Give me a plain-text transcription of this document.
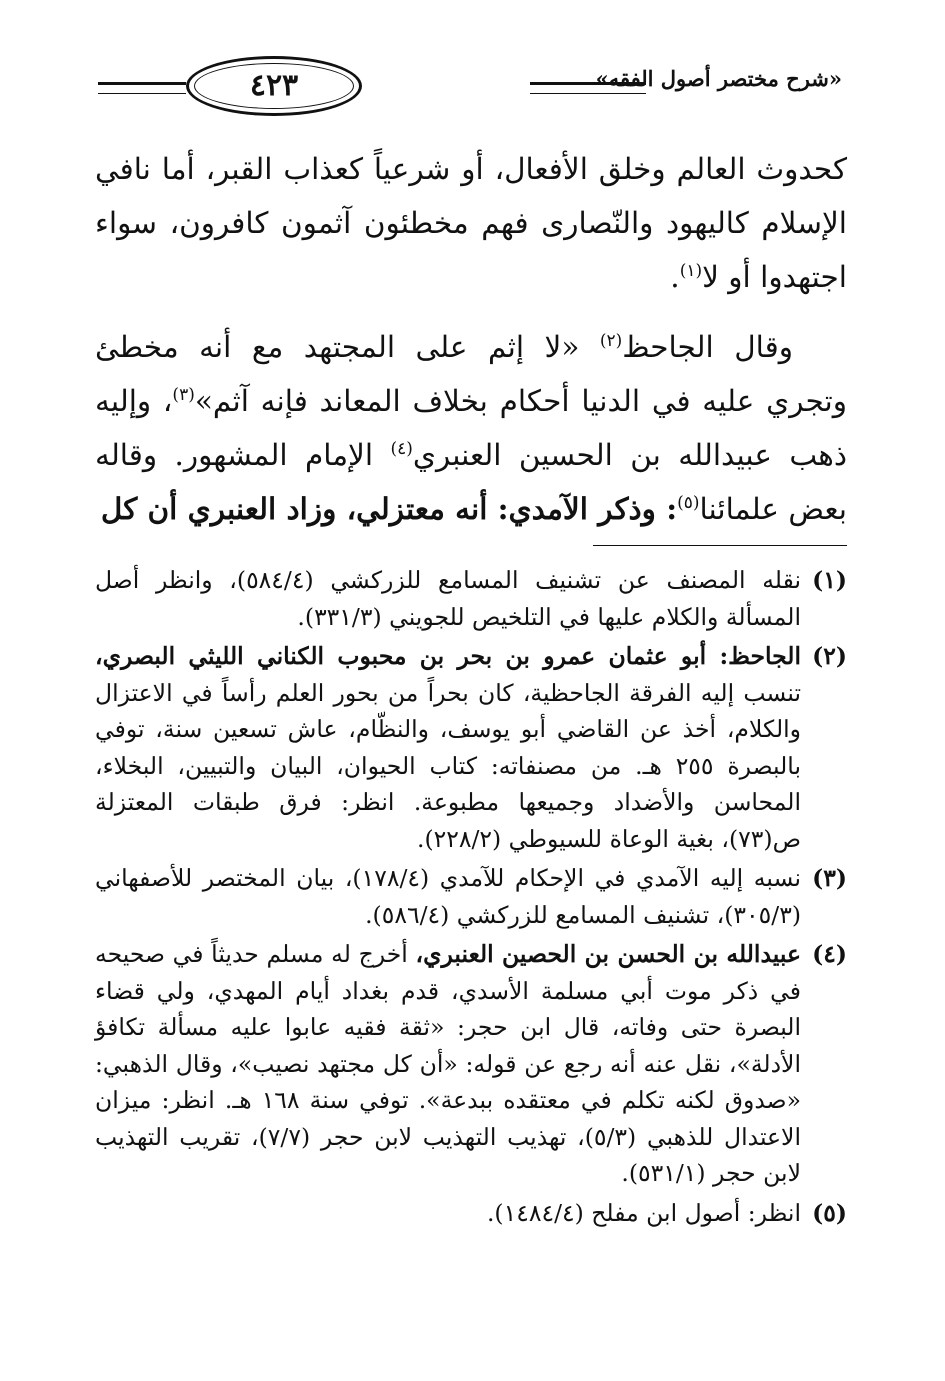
«شرح مختصر أصول الفقه»
٤٢٣

كحدوث العالم وخلق الأفعال، أو شرعياً كعذاب القبر، أما نافي الإسلام كاليهود والنّصارى فهم مخطئون آثمون كافرون، سواء اجتهدوا أو لا$^{(١)}$.

وقال الجاحظ$^{(٢)}$ «لا إثم على المجتهد مع أنه مخطئ وتجري عليه في الدنيا أحكام بخلاف المعاند فإنه آثم»$^{(٣)}$، وإليه ذهب عبيدالله بن الحسين العنبري$^{(٤)}$ الإمام المشهور. وقاله بعض علمائنا$^{(٥)}$: وذكر الآمدي: أنه معتزلي، وزاد العنبري أن كل

(١)
نقله المصنف عن تشنيف المسامع للزركشي (٥٨٤/٤)، وانظر أصل المسألة والكلام عليها في التلخيص للجويني (٣٣١/٣).
(٢)
الجاحظ: أبو عثمان عمرو بن بحر بن محبوب الكناني الليثي البصري، تنسب إليه الفرقة الجاحظية، كان بحراً من بحور العلم رأساً في الاعتزال والكلام، أخذ عن القاضي أبو يوسف، والنظّام، عاش تسعين سنة، توفي بالبصرة ٢٥٥ هـ. من مصنفاته: كتاب الحيوان، البيان والتبيين، البخلاء، المحاسن والأضداد وجميعها مطبوعة. انظر: فرق طبقات المعتزلة ص(٧٣)، بغية الوعاة للسيوطي (٢٢٨/٢).
(٣)
نسبه إليه الآمدي في الإحكام للآمدي (١٧٨/٤)، بيان المختصر للأصفهاني (٣٠٥/٣)، تشنيف المسامع للزركشي (٥٨٦/٤).
(٤)
عبيدالله بن الحسن بن الحصين العنبري، أخرج له مسلم حديثاً في صحيحه في ذكر موت أبي مسلمة الأسدي، قدم بغداد أيام المهدي، ولي قضاء البصرة حتى وفاته، قال ابن حجر: «ثقة فقيه عابوا عليه مسألة تكافؤ الأدلة»، نقل عنه أنه رجع عن قوله: «أن كل مجتهد نصيب»، وقال الذهبي: «صدوق لكنه تكلم في معتقده ببدعة». توفي سنة ١٦٨ هـ. انظر: ميزان الاعتدال للذهبي (٥/٣)، تهذيب التهذيب لابن حجر (٧/٧)، تقريب التهذيب لابن حجر (٥٣١/١).
(٥)
انظر: أصول ابن مفلح (١٤٨٤/٤).
